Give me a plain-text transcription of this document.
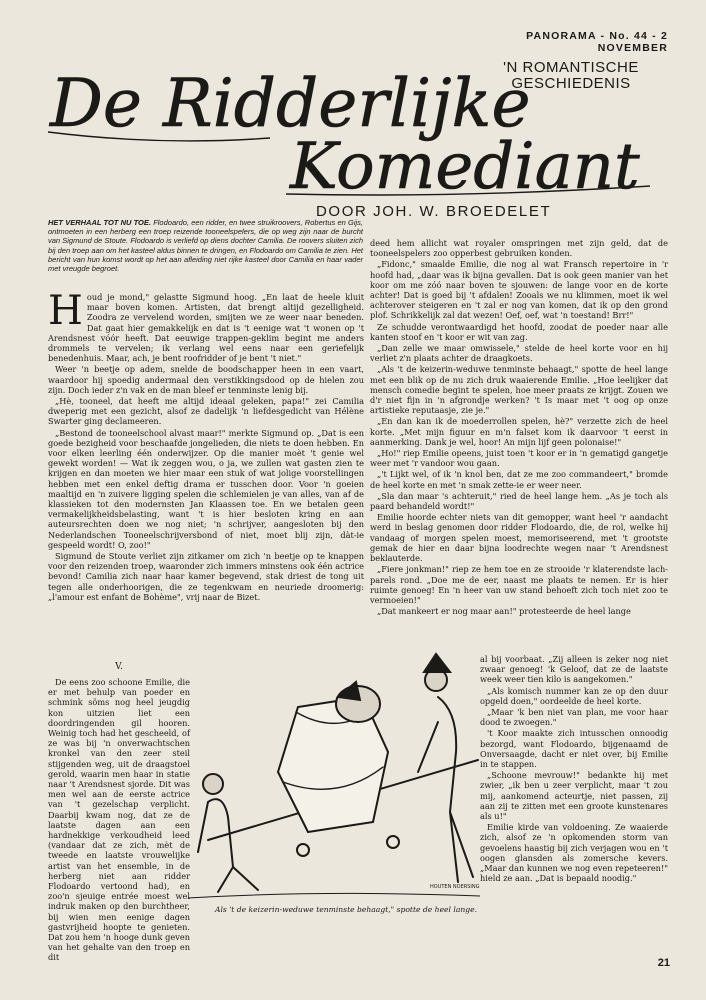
PANORAMA - No. 44 - 2 NOVEMBER
De Ridderlijke
Komediant
'N ROMANTISCHE
GESCHIEDENIS
DOOR JOH. W. BROEDELET
HET VERHAAL TOT NU TOE. Flodoardo, een ridder, en twee struikroovers, Robertus en Gijs, ontmoeten in een herberg een troep reizende tooneelspelers, die op weg zijn naar de burcht van Sigmund de Stoute. Flodoardo is verliefd op diens dochter Camilia. De roovers sluiten zich bij den troep aan om het kasteel aldus binnen te dringen, en Flodoardo om Camilia te zien. Het bericht van hun komst wordt op het aan afleiding niet rijke kasteel door Camilia en haar vader met vreugde begroet.

Houd je mond," gelastte Sigmund hoog. „En laat de heele kluit maar boven komen. Artisten, dat brengt altijd gezelligheid. Zoodra ze vervelend worden, smijten we ze weer naar beneden. Dat gaat hier gemakkelijk en dat is 't eenige wat 't wonen op 't Arendsnest vóór heeft. Dat eeuwige trappen-geklim begint me anders drommels te vervelen; ik verlang wel eens naar een geriefelijk benedenhuis. Maar, ach, je bent roofridder of je bent 't niet."

Weer 'n beetje op adem, snelde de boodschapper heen in een vaart, waardoor hij spoedig andermaal den verstikkingsdood op de hielen zou zijn. Doch ieder z'n vak en de man bleef er tenminste lenig bij.

„Hè, tooneel, dat heeft me altijd ideaal geleken, papa!" zei Camilia dweperig met een gezicht, alsof ze dadelijk 'n liefdesgedicht van Hélène Swarter ging declameeren.

„Bestond de tooneelschool alvast maar!" merkte Sigmund op. „Dat is een goede bezigheid voor beschaafde jongelieden, die niets te doen hebben. En voor elken leerling één onderwijzer. Op die manier moèt 't genie wel gewekt worden! — Wat ik zeggen wou, o ja, we zullen wat gasten zien te krijgen en dan moeten we hier maar een stuk of wat jolige voorstellingen hebben met een enkel deftig drama er tusschen door. Voor 'n goeien maaltijd en 'n zuivere ligging spelen die schlemielen je van alles, van af de klassieken tot den modernsten Jan Klaassen toe. En we betalen geen vermakelijkheidsbelasting, want 't is hier besloten kring en aan auteursrechten doen we nog niet; 'n schrijver, aangesloten bij den Nederlandschen Tooneelschrijversbond of niet, moet blij zijn, dàt-ie gespeeld wordt! O, zoo!"

Sigmund de Stoute verliet zijn zitkamer om zich 'n beetje op te knappen voor den reizenden troep, waaronder zich immers minstens ook één actrice bevond! Camilia zich naar haar kamer begevend, stak driest de tong uit tegen alle onderhoorigen, die ze tegenkwam en neuriede droomerig: „l'amour est enfant de Bohème", vrij naar de Bizet.

V.

De eens zoo schoone Emilie, die er met behulp van poeder en schmink söms nog heel jeugdig kon uitzien liet een doordringenden gil hooren. Weinig toch had het gescheeld, of ze was bij 'n onverwachtschen kronkel van den zeer steil stijgenden weg, uit de draagstoel gerold, waarin men haar in statie naar 't Arendsnest sjorde. Dit was men wel aan de eerste actrice van 't gezelschap verplicht. Daarbij kwam nog, dat ze de laatste dagen aan een hardnekkige verkoudheid leed (vandaar dat ze zich, mèt de tweede en laatste vrouwelijke artist van het ensemble, in de herberg niet aan ridder Flodoardo vertoond had), en zoo'n sjeuige entrée moest wel indruk maken op den burchtheer, bij wien men eenige dagen gastvrijheid hoopte te genieten. Dat zou hem 'n hooge dunk geven van het gehalte van den troep en dit

deed hem allicht wat royaler omspringen met zijn geld, dat de tooneelspelers zoo opperbest gebruiken konden.

„Fidonc," smaalde Emilie, die nog al wat Fransch repertoire in 'r hoofd had, „daar was ik bijna gevallen. Dat is ook geen manier van het koor om me zóó naar boven te sjouwen: de lange voor en de korte achter! Dat is goed bij 't afdalen! Zooals we nu klimmen, moet ik wel achterover steigeren en 't zal er nog van komen, dat ik op den grond plof. Schrikkelijk zal dat wezen! Oef, oef, wat 'n toestand! Brr!"

Ze schudde verontwaardigd het hoofd, zoodat de poeder naar alle kanten stoof en 't koor er wit van zag.

„Dan zelle we maar omwissele," stelde de heel korte voor en hij verliet z'n plaats achter de draagkoets.

„Als 't de keizerin-weduwe tenminste behaagt," spotte de heel lange met een blik op de nu zich druk waaierende Emilie. „Hoe leelijker dat mensch comedie begint te spelen, hoe meer praats ze krijgt. Zouen we d'r niet fijn in 'n afgrondje werken? 't Is maar met 't oog op onze artistieke reputaasje, zie je."

„En dan kan ik de moederrollen spelen, hè?" verzette zich de heel korte. „Met mijn figuur en m'n falset kom ik daarvoor 't eerst in aanmerking. Dank je wel, hoor! An mijn lijf geen polonaise!"

„Ho!" riep Emilie opeens, juist toen 't koor er in 'n gematigd gangetje weer met 'r vandoor wou gaan.

„'t Lijkt wel, of ik 'n knol ben, dat ze me zoo commandeert," bromde de heel korte en met 'n smak zette-ie er weer neer.

„Sla dan maar 's achteruit," ried de heel lange hem. „As je toch als paard behandeld wordt!"

Emilie hoorde echter niets van dit gemopper, want heel 'r aandacht werd in beslag genomen door ridder Flodoardo, die, de rol, welke hij vandaag of morgen spelen moest, memoriseerend, met 't grootste gemak de hier en daar bijna loodrechte wegen naar 't Arendsnest beklauterde.

„Fiere jonkman!" riep ze hem toe en ze strooide 'r klaterendste lach-parels rond. „Doe me de eer, naast me plaats te nemen. Er is hier ruimte genoeg! En 'n heer van uw stand behoeft zich toch niet zoo te vermoeien!"

„Dat mankeert er nog maar aan!" protesteerde de heel lange

al bij voorbaat. „Zij alleen is zeker nog niet zwaar genoeg! 'k Geloof, dat ze de laatste week weer tien kilo is aangekomen."

„Als komisch nummer kan ze op den duur opgeld doen," oordeelde de heel korte.

„Maar 'k ben niet van plan, me voor haar dood te zwoegen."

't Koor maakte zich intusschen onnoodig bezorgd, want Flodoardo, bijgenaamd de Onversaagde, dacht er niet over, bij Emilie in te stappen.

„Schoone mevrouw!" bedankte hij met zwier, „ik ben u zeer verplicht, maar 't zou mij, aankomend acteurtje, niet passen, zij aan zij te zitten met een groote kunstenares als u!"

Emilie kirde van voldoening. Ze waaierde zich, alsof ze 'n opkomenden storm van gevoelens haastig bij zich verjagen wou en 't oogen glansden als zomersche kevers. „Maar dan kunnen we nog even repeteeren!" hield ze aan. „Dat is bepaald noodig."

HOUTEN NOERSING
Als 't de keizerin-weduwe tenminste behaagt," spotte de heel lange.
21
